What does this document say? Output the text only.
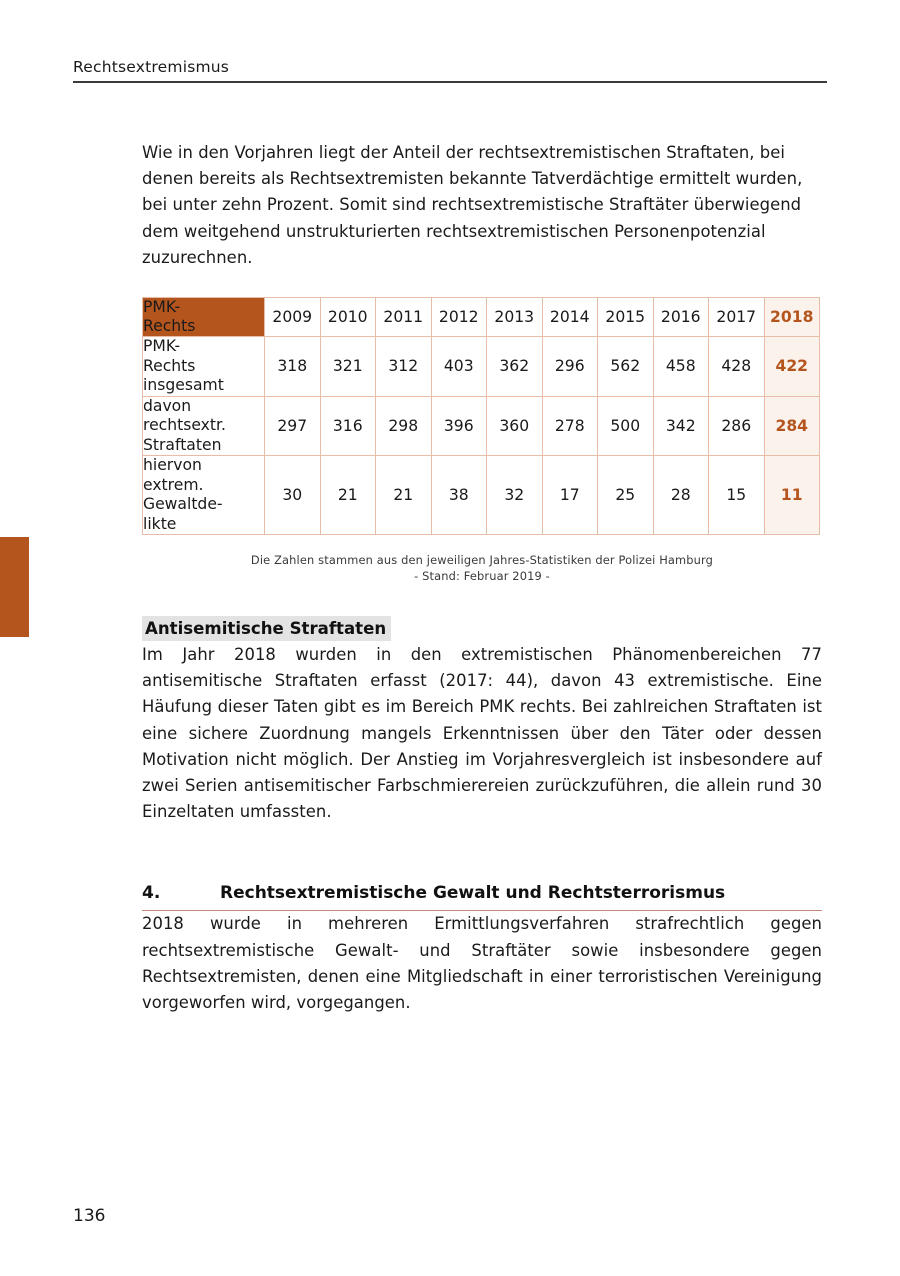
Rechtsextremismus

Wie in den Vorjahren liegt der Anteil der rechtsextremistischen Straftaten, bei denen bereits als Rechtsextremisten bekannte Tatverdächtige ermittelt wurden, bei unter zehn Prozent. Somit sind rechtsextremistische Straftäter überwiegend dem weitgehend unstrukturierten rechtsextremistischen Personenpotenzial zuzurechnen.

PMK-
Rechts	2009	2010	2011	2012	2013	2014	2015	2016	2017	2018
PMK-
Rechts
insgesamt	318	321	312	403	362	296	562	458	428	422
davon
rechtsextr.
Straftaten	297	316	298	396	360	278	500	342	286	284
hiervon
extrem.
Gewaltde-
likte	30	21	21	38	32	17	25	28	15	11
Die Zahlen stammen aus den jeweiligen Jahres-Statistiken der Polizei Hamburg
- Stand: Februar 2019 -
Antisemitische Straftaten

Im Jahr 2018 wurden in den extremistischen Phänomenbereichen 77 antisemitische Straftaten erfasst (2017: 44), davon 43 extremistische. Eine Häufung dieser Taten gibt es im Bereich PMK rechts. Bei zahlreichen Straftaten ist eine sichere Zuordnung mangels Erkenntnissen über den Täter oder dessen Motivation nicht möglich. Der Anstieg im Vorjahresvergleich ist insbesondere auf zwei Serien antisemitischer Farbschmierereien zurückzuführen, die allein rund 30 Einzeltaten umfassten.

4.	Rechtsextremistische Gewalt und Rechtsterrorismus

2018 wurde in mehreren Ermittlungsverfahren strafrechtlich gegen rechtsextremistische Gewalt- und Straftäter sowie insbesondere gegen Rechtsextremisten, denen eine Mitgliedschaft in einer terroristischen Vereinigung vorgeworfen wird, vorgegangen.

136
